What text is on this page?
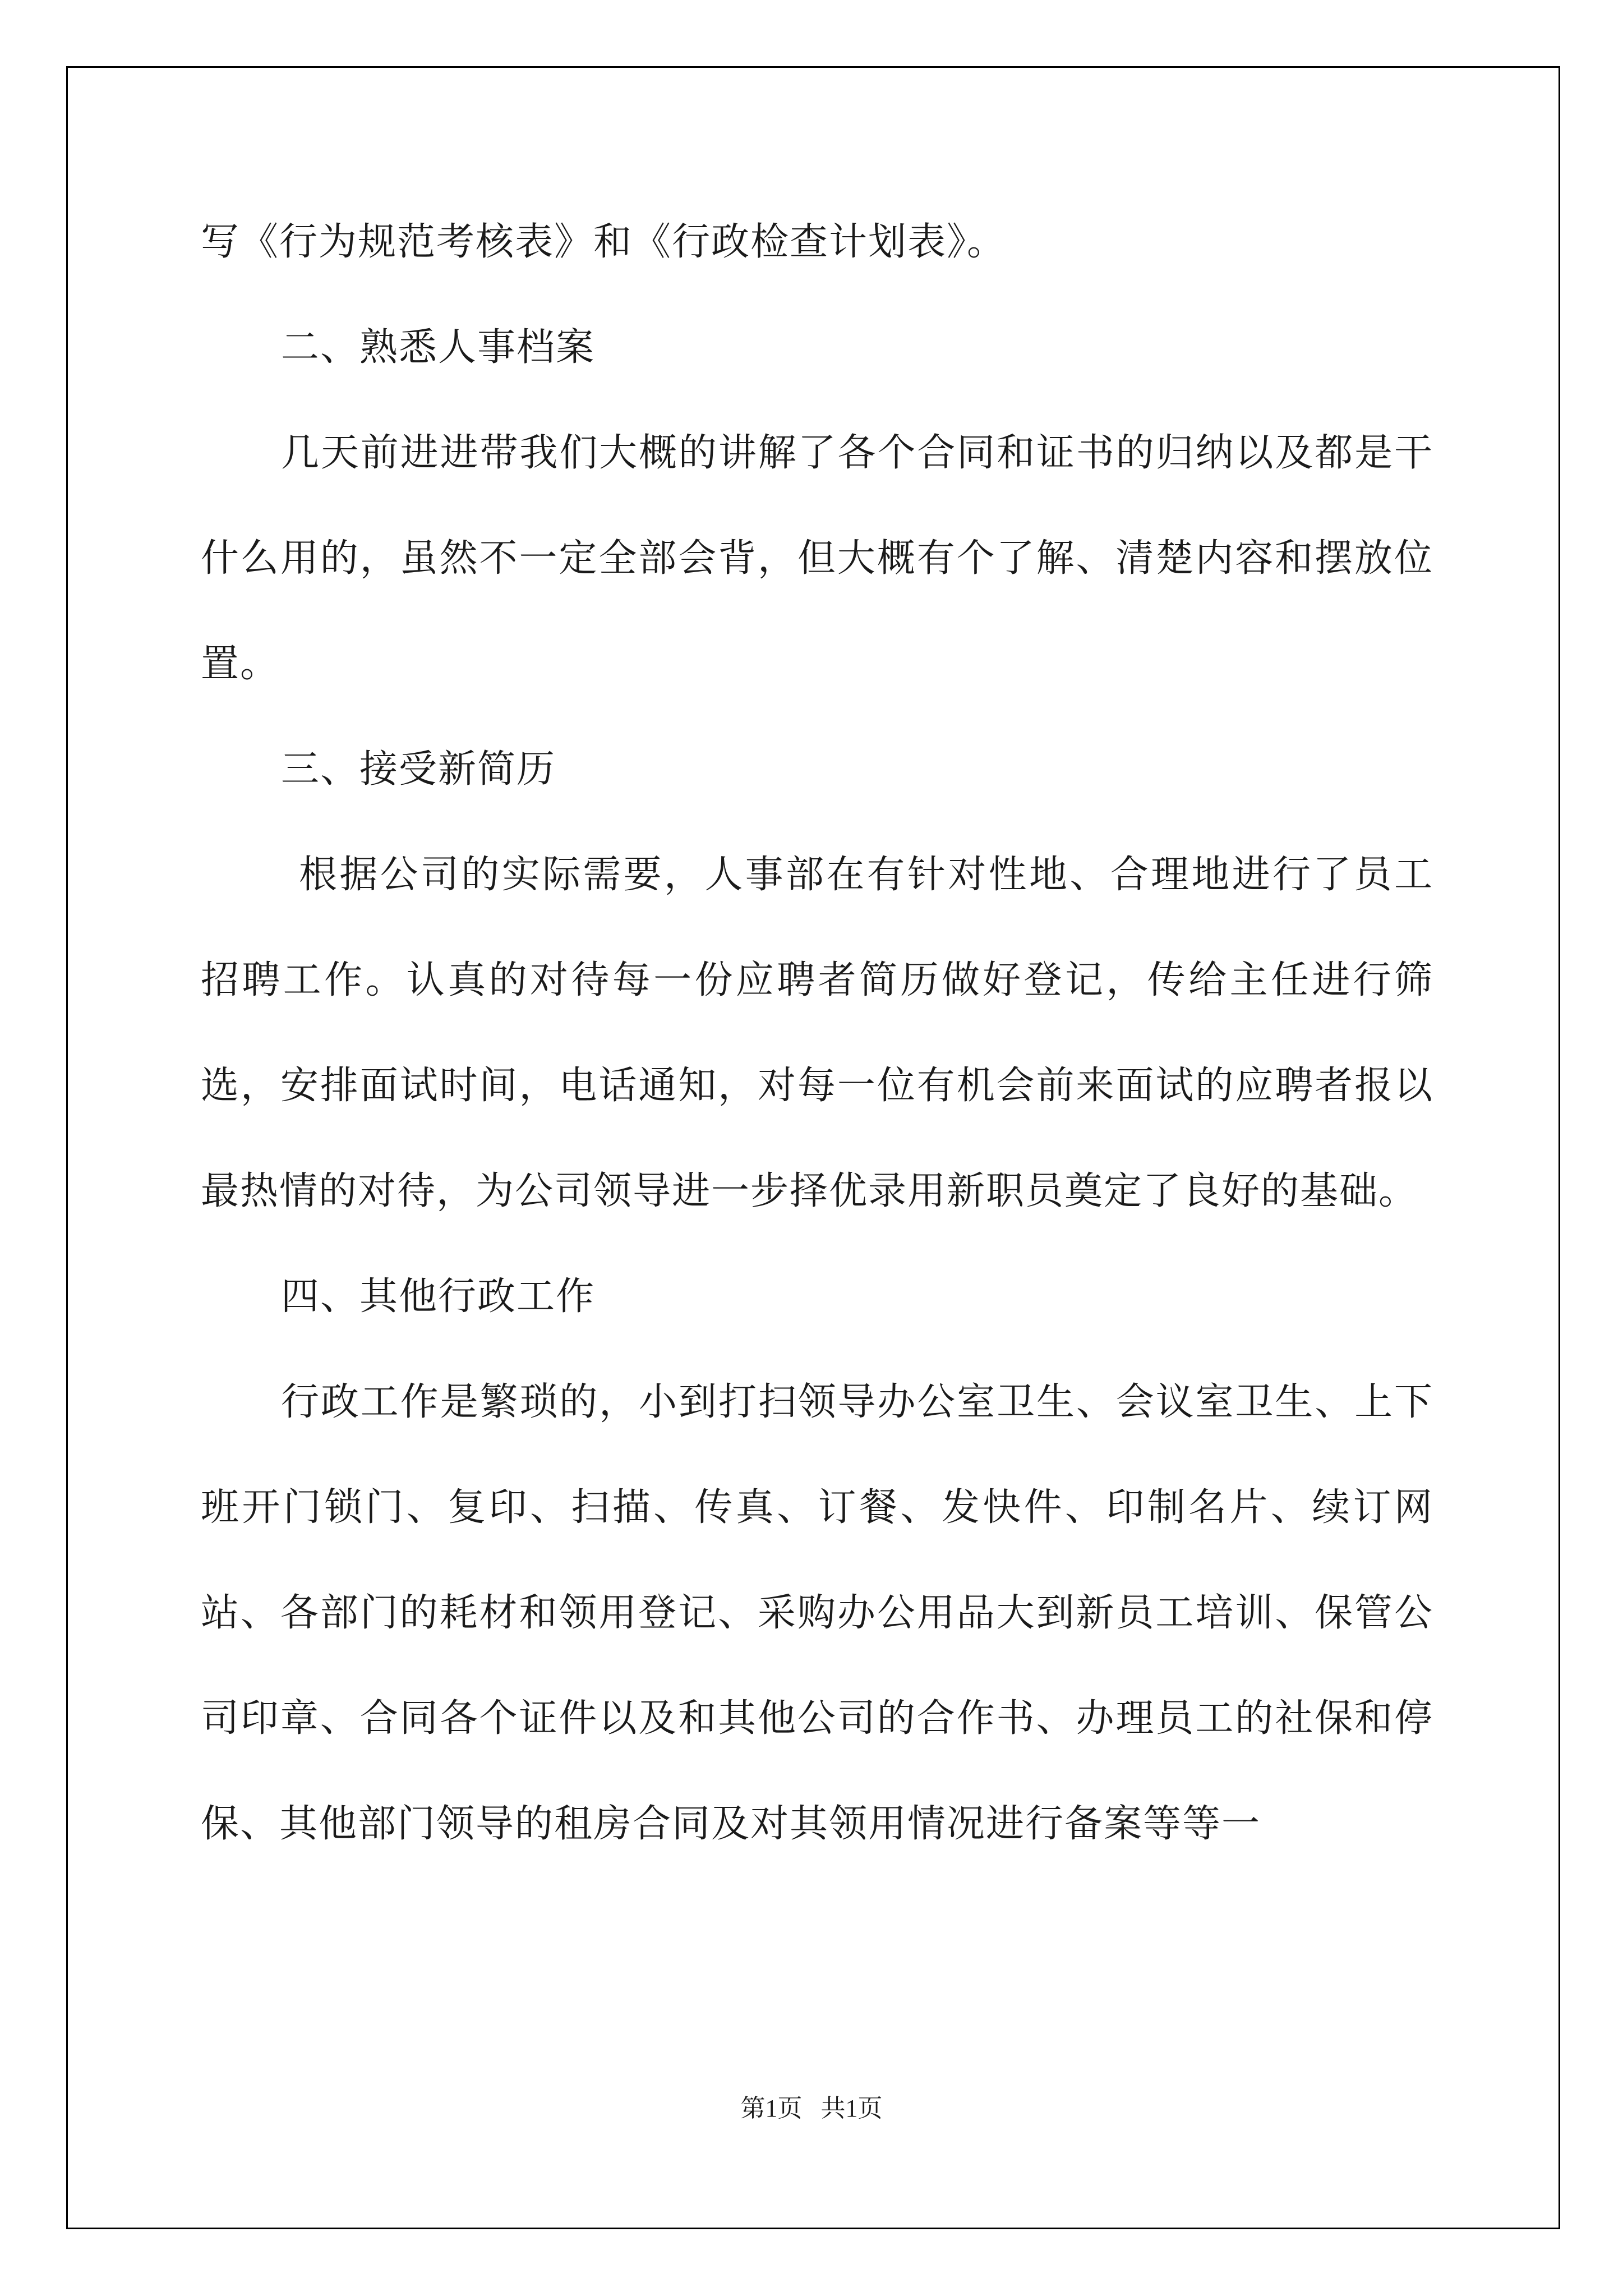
写《行为规范考核表》和《行政检查计划表》。

二、熟悉人事档案

几天前进进带我们大概的讲解了各个合同和证书的归纳以及都是干什么用的，虽然不一定全部会背，但大概有个了解、清楚内容和摆放位置。

三、接受新简历

根据公司的实际需要，人事部在有针对性地、合理地进行了员工招聘工作。认真的对待每一份应聘者简历做好登记，传给主任进行筛选，安排面试时间，电话通知，对每一位有机会前来面试的应聘者报以最热情的对待，为公司领导进一步择优录用新职员奠定了良好的基础。

四、其他行政工作

行政工作是繁琐的，小到打扫领导办公室卫生、会议室卫生、上下班开门锁门、复印、扫描、传真、订餐、发快件、印制名片、续订网站、各部门的耗材和领用登记、采购办公用品大到新员工培训、保管公司印章、合同各个证件以及和其他公司的合作书、办理员工的社保和停保、其他部门领导的租房合同及对其领用情况进行备案等等一

第1页   共1页
